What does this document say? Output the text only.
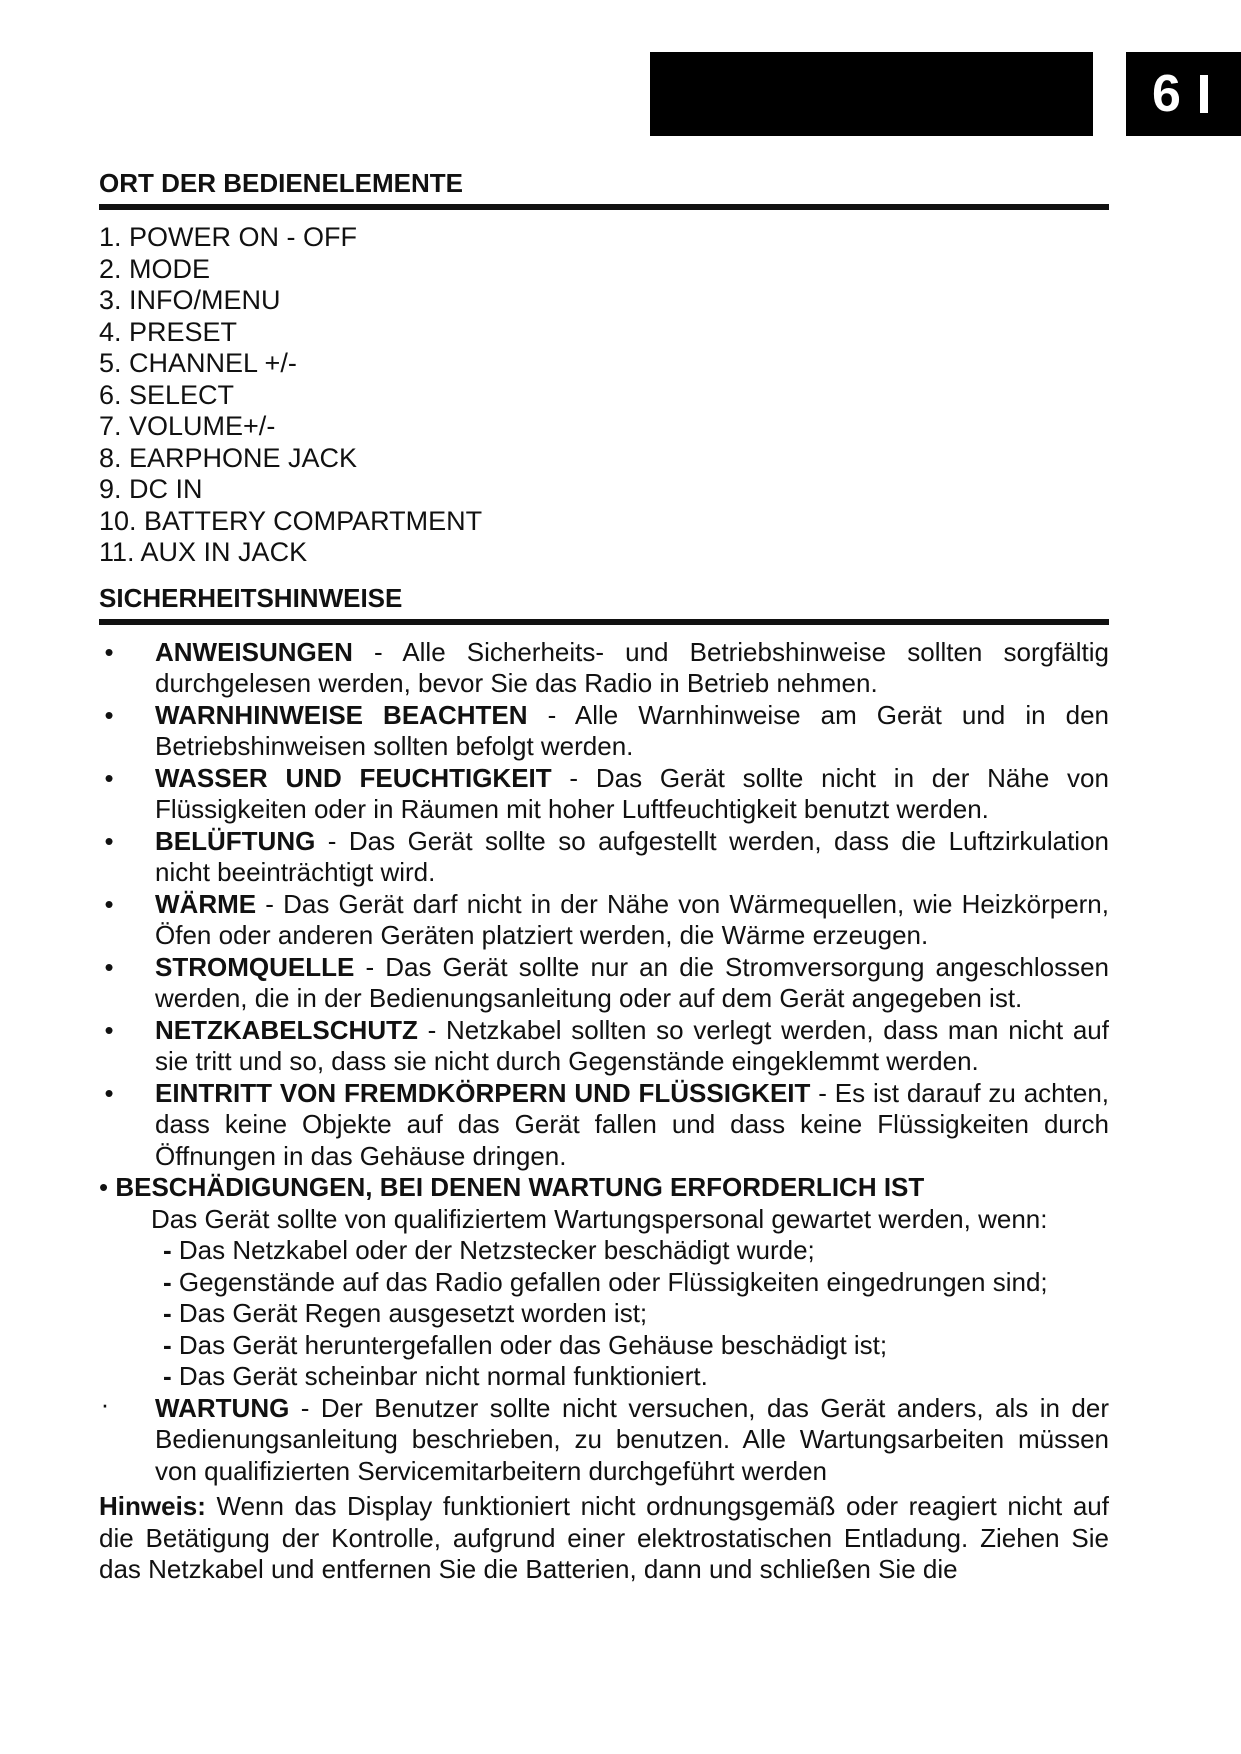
6
ORT DER BEDIENELEMENTE
1. POWER ON - OFF
2. MODE
3. INFO/MENU
4. PRESET
5. CHANNEL +/-
6. SELECT
7. VOLUME+/-
8. EARPHONE JACK
9. DC IN
10. BATTERY COMPARTMENT
11. AUX IN JACK
SICHERHEITSHINWEISE
• ANWEISUNGEN - Alle Sicherheits- und Betriebshinweise sollten sorgfältig durchgelesen werden, bevor Sie das Radio in Betrieb nehmen.
• WARNHINWEISE BEACHTEN - Alle Warnhinweise am Gerät und in den Betriebshinweisen sollten befolgt werden.
• WASSER UND FEUCHTIGKEIT - Das Gerät sollte nicht in der Nähe von Flüssigkeiten oder in Räumen mit hoher Luftfeuchtigkeit benutzt werden.
• BELÜFTUNG - Das Gerät sollte so aufgestellt werden, dass die Luftzirkulation nicht beeinträchtigt wird.
• WÄRME - Das Gerät darf nicht in der Nähe von Wärmequellen, wie Heizkörpern, Öfen oder anderen Geräten platziert werden, die Wärme erzeugen.
• STROMQUELLE - Das Gerät sollte nur an die Stromversorgung angeschlossen werden, die in der Bedienungsanleitung oder auf dem Gerät angegeben ist.
• NETZKABELSCHUTZ - Netzkabel sollten so verlegt werden, dass man nicht auf sie tritt und so, dass sie nicht durch Gegenstände eingeklemmt werden.
• EINTRITT VON FREMDKÖRPERN UND FLÜSSIGKEIT - Es ist darauf zu achten, dass keine Objekte auf das Gerät fallen und dass keine Flüssigkeiten durch Öffnungen in das Gehäuse dringen.
• BESCHÄDIGUNGEN, BEI DENEN WARTUNG ERFORDERLICH IST
Das Gerät sollte von qualifiziertem Wartungspersonal gewartet werden, wenn:
- Das Netzkabel oder der Netzstecker beschädigt wurde;
- Gegenstände auf das Radio gefallen oder Flüssigkeiten eingedrungen sind;
- Das Gerät Regen ausgesetzt worden ist;
- Das Gerät heruntergefallen oder das Gehäuse beschädigt ist;
- Das Gerät scheinbar nicht normal funktioniert.
· WARTUNG - Der Benutzer sollte nicht versuchen, das Gerät anders, als in der Bedienungsanleitung beschrieben, zu benutzen. Alle Wartungsarbeiten müssen von qualifizierten Servicemitarbeitern durchgeführt werden
Hinweis: Wenn das Display funktioniert nicht ordnungsgemäß oder reagiert nicht auf die Betätigung der Kontrolle, aufgrund einer elektrostatischen Entladung. Ziehen Sie das Netzkabel und entfernen Sie die Batterien, dann und schließen Sie die
